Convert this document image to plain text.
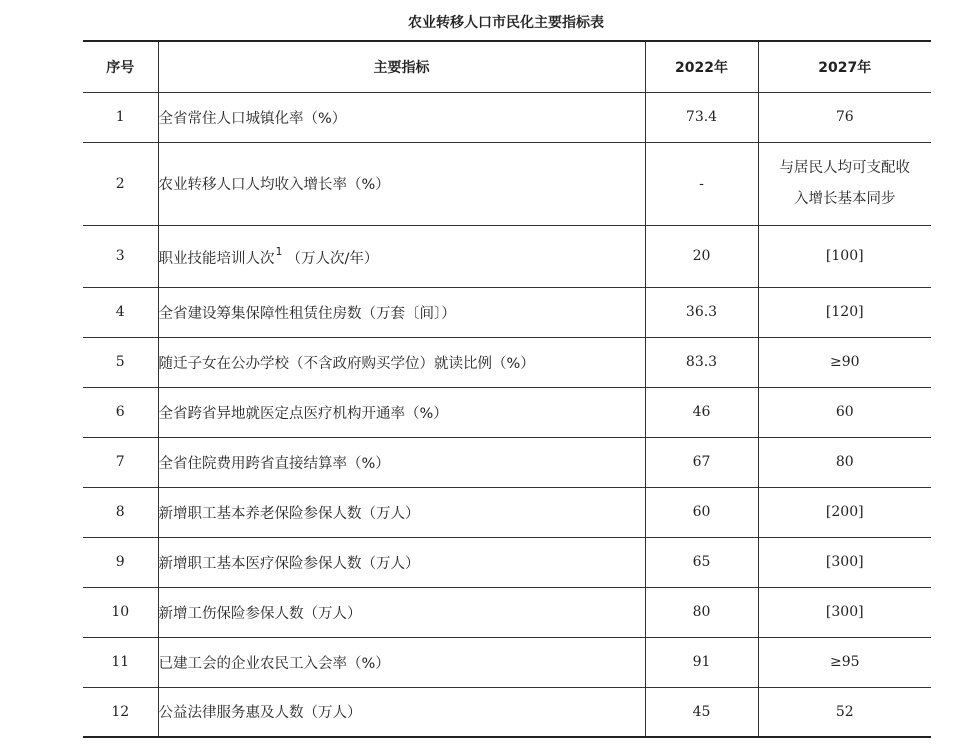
农业转移人口市民化主要指标表
序号	主要指标	2022年	2027年
1	全省常住人口城镇化率（%）	73.4	76
2	农业转移人口人均收入增长率（%）	-	与居民人均可支配收
入增长基本同步

3	职业技能培训人次$^1$ （万人次/年）	20	[100]
4	全省建设筹集保障性租赁住房数（万套〔间〕）	36.3	[120]
5	随迁子女在公办学校（不含政府购买学位）就读比例（%）	83.3	≥90
6	全省跨省异地就医定点医疗机构开通率（%）	46	60
7	全省住院费用跨省直接结算率（%）	67	80
8	新增职工基本养老保险参保人数（万人）	60	[200]
9	新增职工基本医疗保险参保人数（万人）	65	[300]
10	新增工伤保险参保人数（万人）	80	[300]
11	已建工会的企业农民工入会率（%）	91	≥95
12	公益法律服务惠及人数（万人）	45	52
